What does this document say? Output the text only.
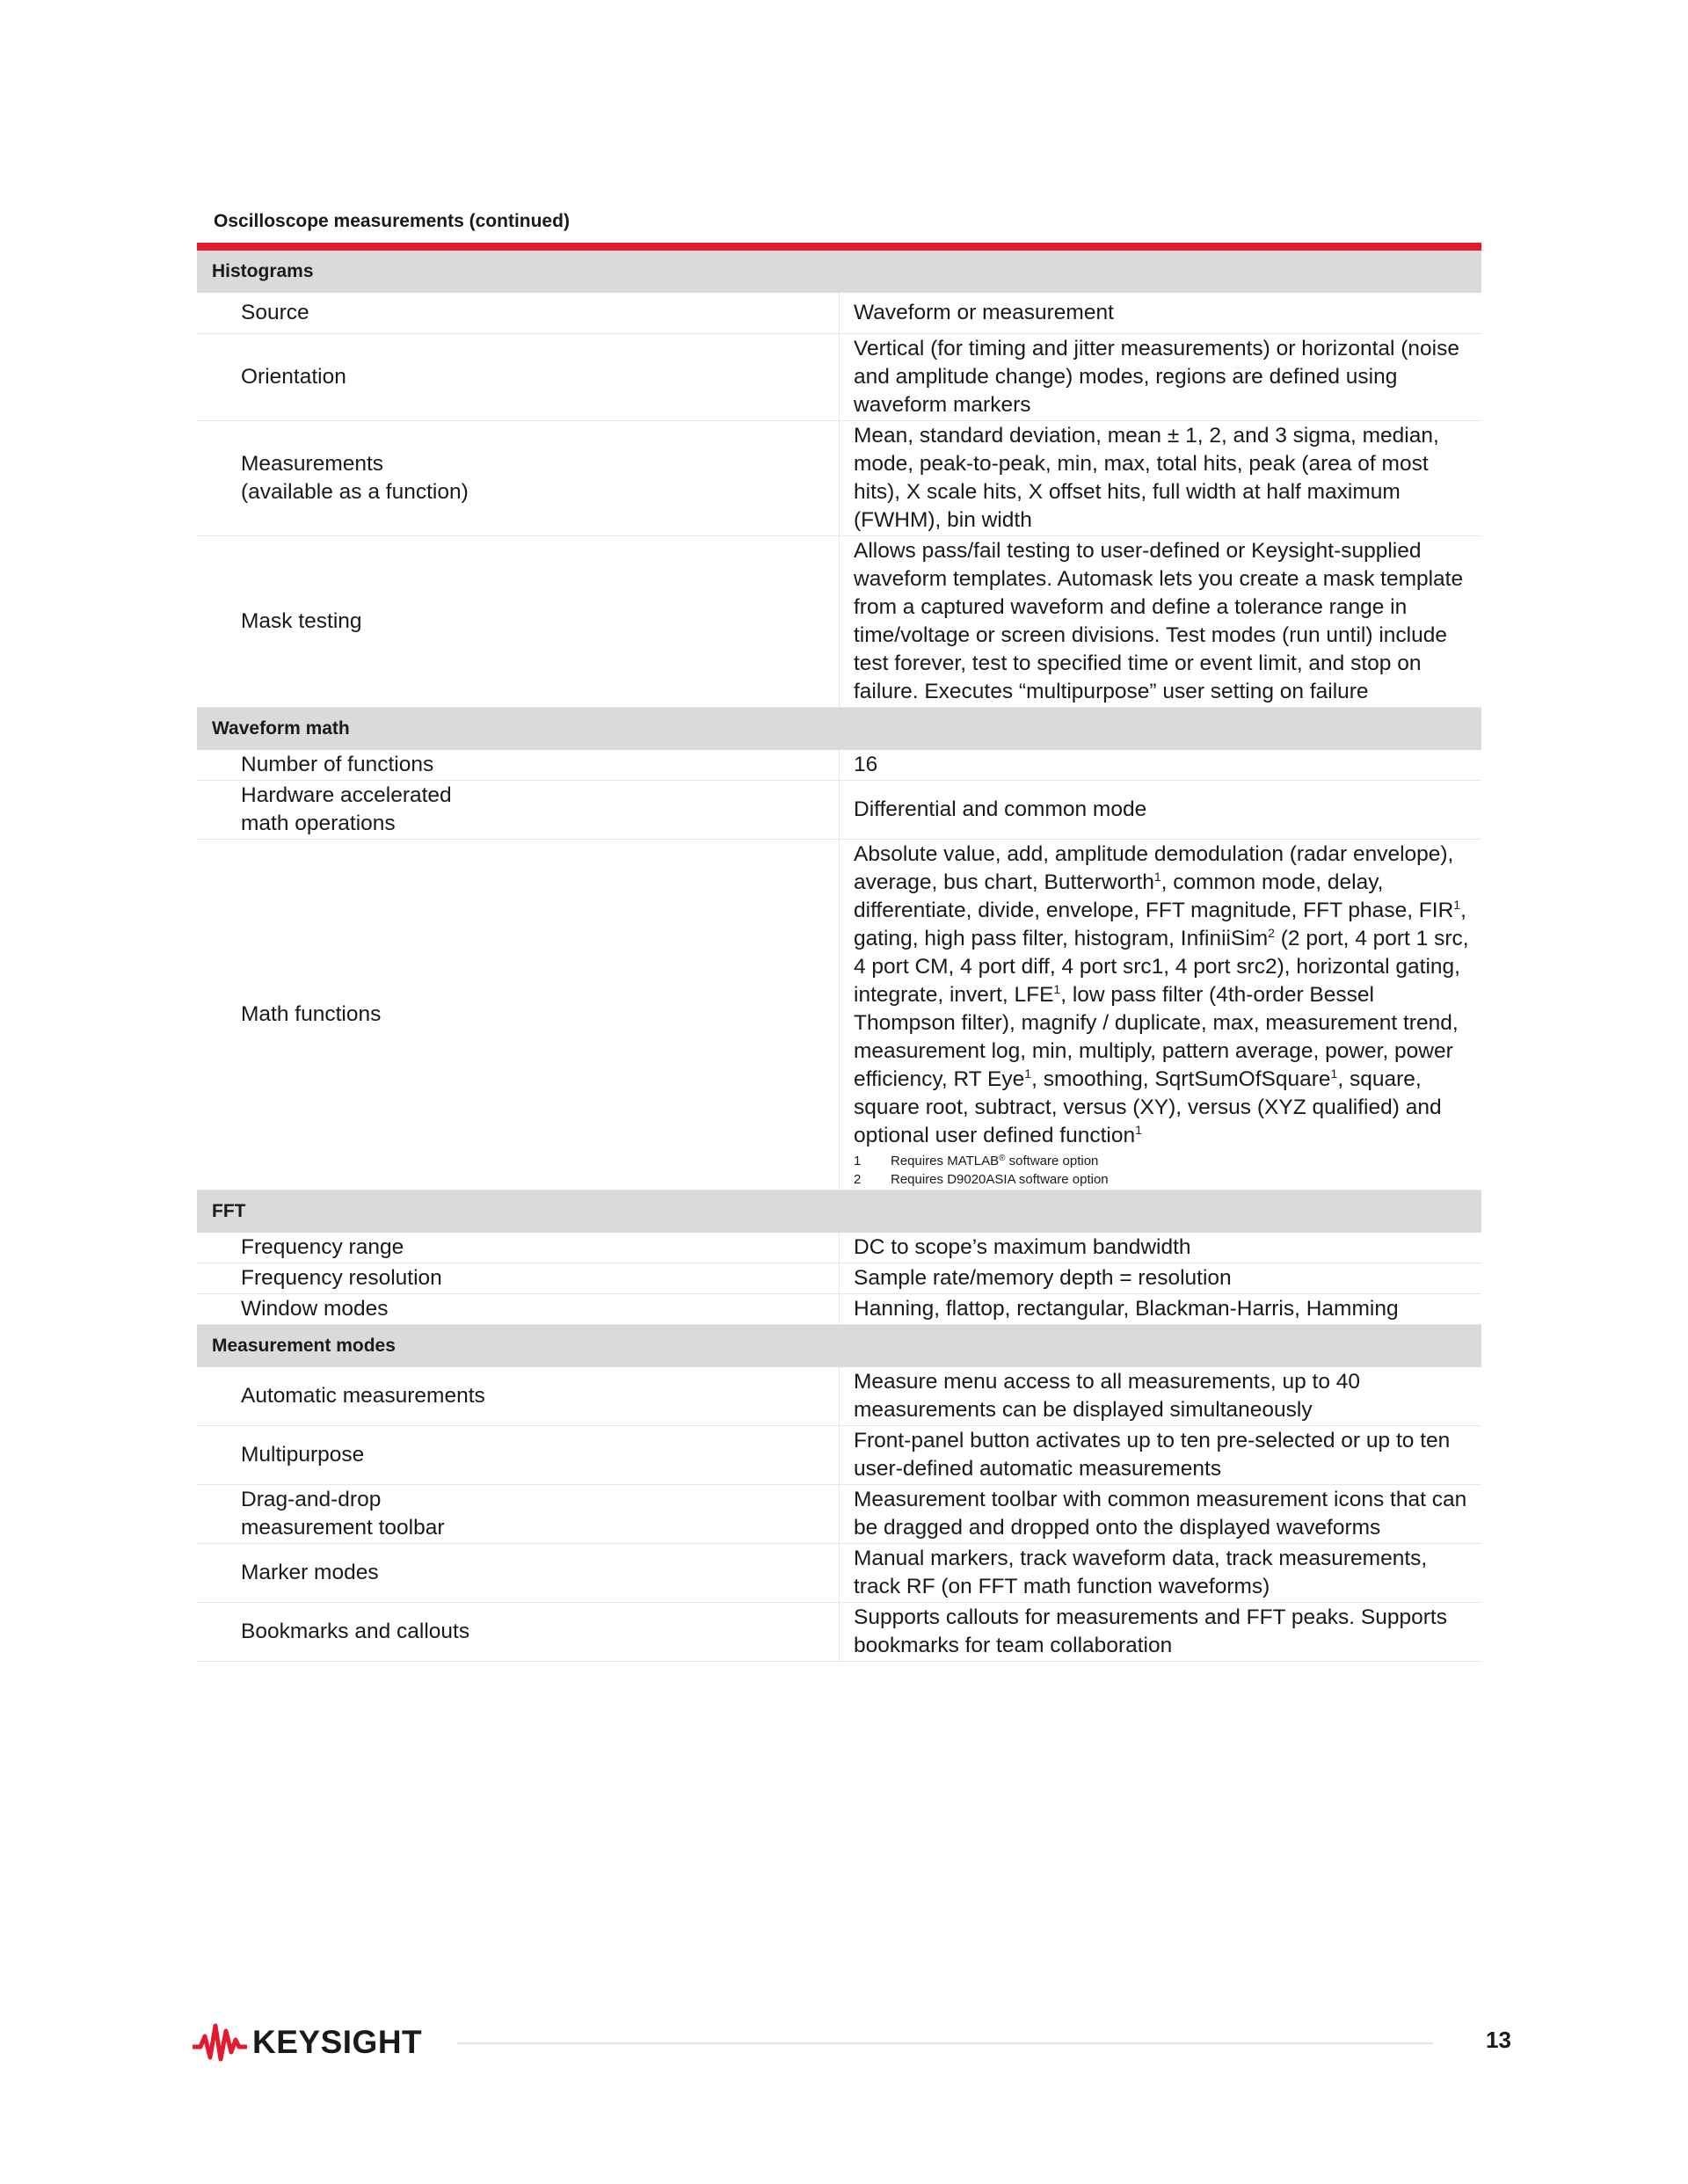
Oscilloscope measurements (continued)
Histograms	
Source	Waveform or measurement
Orientation	Vertical (for timing and jitter measurements) or horizontal (noise and amplitude change) modes, regions are defined using waveform markers
Measurements
(available as a function)	Mean, standard deviation, mean ± 1, 2, and 3 sigma, median, mode, peak-to-peak, min, max, total hits, peak (area of most hits), X scale hits, X offset hits, full width at half maximum (FWHM), bin width
Mask testing	Allows pass/fail testing to user-defined or Keysight-supplied waveform templates. Automask lets you create a mask template from a captured waveform and define a tolerance range in time/voltage or screen divisions. Test modes (run until) include test forever, test to specified time or event limit, and stop on failure. Executes “multipurpose” user setting on failure
Waveform math	
Number of functions	16
Hardware accelerated
math operations	Differential and common mode
Math functions	Absolute value, add, amplitude demodulation (radar envelope), average, bus chart, Butterworth$^1$, common mode, delay, differentiate, divide, envelope, FFT magnitude, FFT phase, FIR$^1$, gating, high pass filter, histogram, InfiniiSim$^2$ (2 port, 4 port 1 src, 4 port CM, 4 port diff, 4 port src1, 4 port src2), horizontal gating, integrate, invert, LFE$^1$, low pass filter (4th-order Bessel Thompson filter), magnify / duplicate, max, measurement trend, measurement log, min, multiply, pattern average, power, power efficiency, RT Eye$^1$, smoothing, SqrtSumOfSquare$^1$, square, square root, subtract, versus (XY), versus (XYZ qualified) and optional user defined function$^1$
1 Requires MATLAB® software option
2 Requires D9020ASIA software option

FFT	
Frequency range	DC to scope’s maximum bandwidth
Frequency resolution	Sample rate/memory depth = resolution
Window modes	Hanning, flattop, rectangular, Blackman-Harris, Hamming
Measurement modes	
Automatic measurements	Measure menu access to all measurements, up to 40 measurements can be displayed simultaneously
Multipurpose	Front-panel button activates up to ten pre-selected or up to ten user-defined automatic measurements
Drag-and-drop
measurement toolbar	Measurement toolbar with common measurement icons that can be dragged and dropped onto the displayed waveforms
Marker modes	Manual markers, track waveform data, track measurements, track RF (on FFT math function waveforms)
Bookmarks and callouts	Supports callouts for measurements and FFT peaks. Supports bookmarks for team collaboration
KEYSIGHT	13
